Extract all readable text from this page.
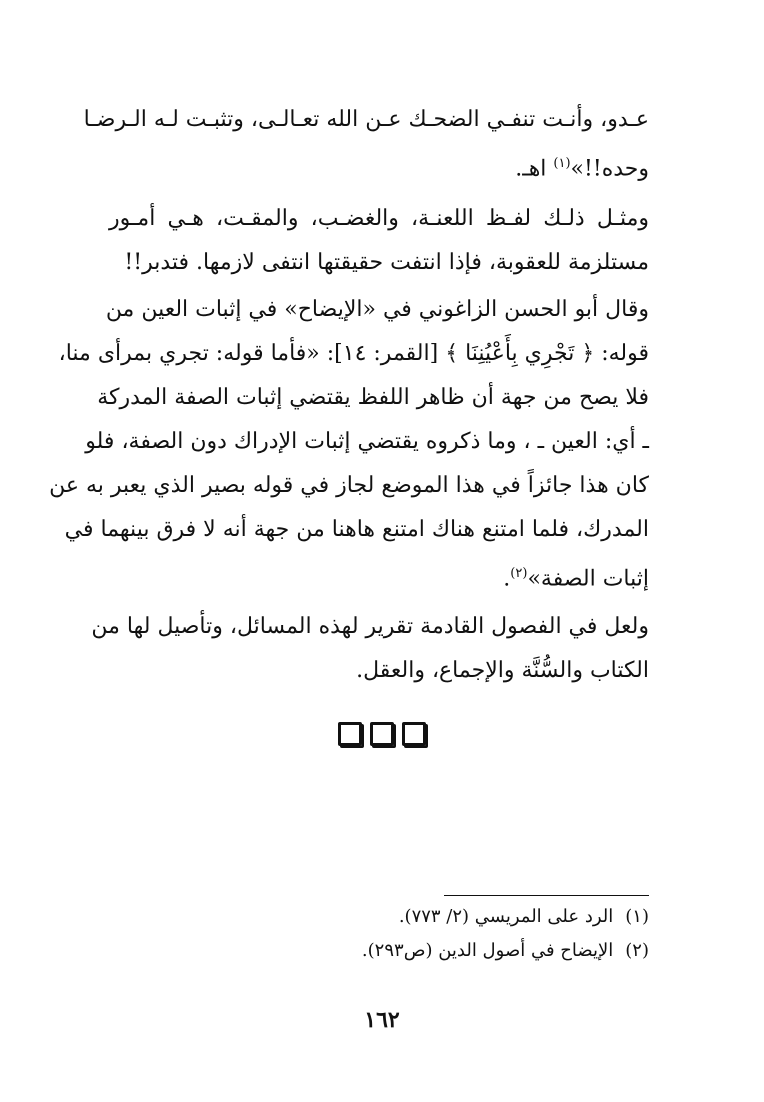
عـدو، وأنـت تنفـي الضحـك عـن الله تعـالـى، وتثبـت لـه الـرضـا
وحده!!»$^{(١)}$ اهـ.
ومثـل ذلـك لفـظ اللعنـة، والغضـب، والمقـت، هـي أمـور
مستلزمة للعقوبة، فإذا انتفت حقيقتها انتفى لازمها. فتدبر!!
وقال أبو الحسن الزاغوني في «الإيضاح» في إثبات العين من
قوله: ﴿ تَجْرِي بِأَعْيُنِنَا ﴾ [القمر: ١٤]: «فأما قوله: تجري بمرأى منا،
فلا يصح من جهة أن ظاهر اللفظ يقتضي إثبات الصفة المدركة
ـ أي: العين ـ ، وما ذكروه يقتضي إثبات الإدراك دون الصفة، فلو
كان هذا جائزاً في هذا الموضع لجاز في قوله بصير الذي يعبر به عن
المدرك، فلما امتنع هناك امتنع هاهنا من جهة أنه لا فرق بينهما في
إثبات الصفة»$^{(٢)}$.
ولعل في الفصول القادمة تقرير لهذه المسائل، وتأصيل لها من
الكتاب والسُّنَّة والإجماع، والعقل.
(١)الرد على المريسي (٢/ ٧٧٣).
(٢)الإيضاح في أصول الدين (ص٢٩٣).
١٦٢
